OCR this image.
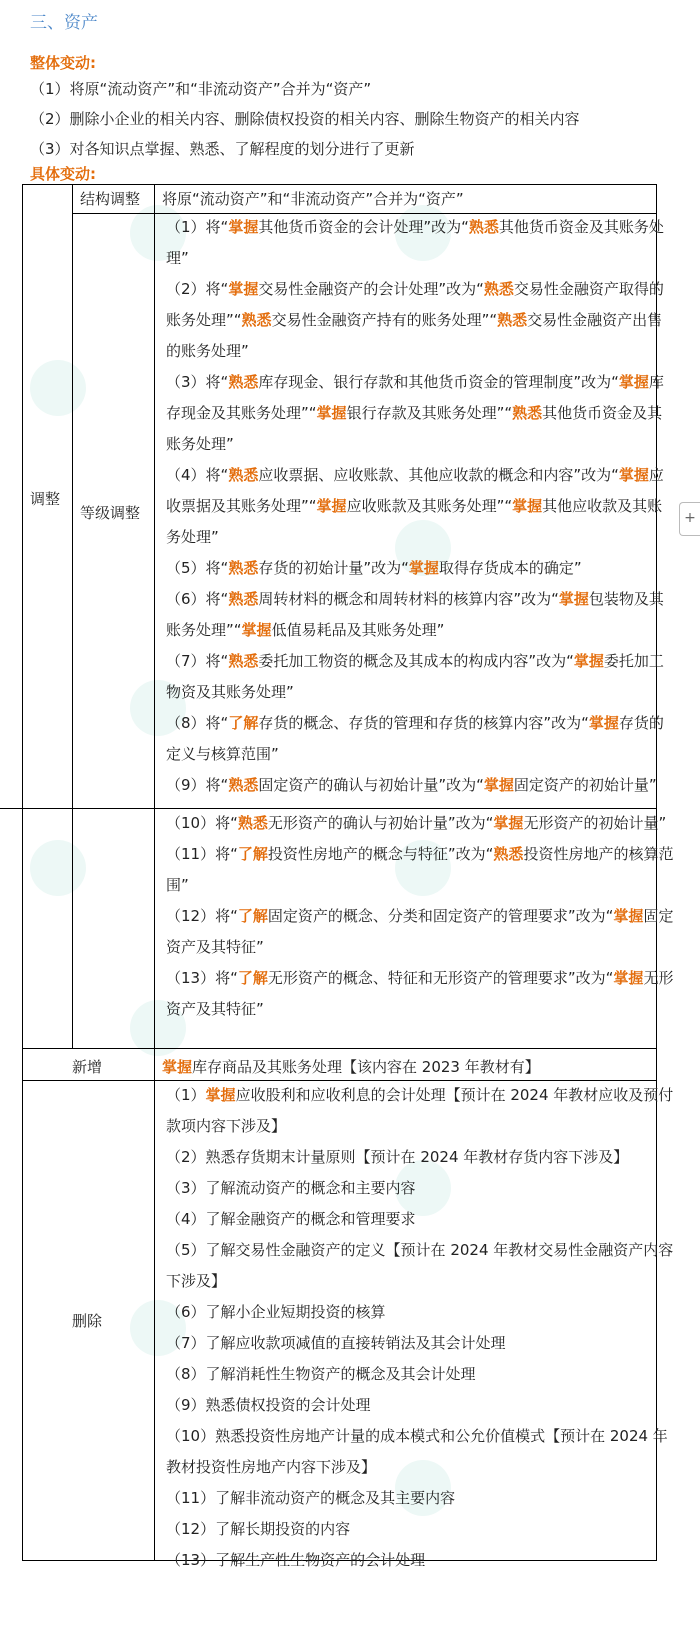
三、资产
整体变动:
（1）将原“流动资产”和“非流动资产”合并为“资产”
（2）删除小企业的相关内容、删除债权投资的相关内容、删除生物资产的相关内容
（3）对各知识点掌握、熟悉、了解程度的划分进行了更新
具体变动:
调整
结构调整 将原“流动资产”和“非流动资产”合并为“资产”
等级调整
（1）将“掌握其他货币资金的会计处理”改为“熟悉其他货币资金及其账务处理”
（2）将“掌握交易性金融资产的会计处理”改为“熟悉交易性金融资产取得的账务处理”“熟悉交易性金融资产持有的账务处理”“熟悉交易性金融资产出售的账务处理”
（3）将“熟悉库存现金、银行存款和其他货币资金的管理制度”改为“掌握库存现金及其账务处理”“掌握银行存款及其账务处理”“熟悉其他货币资金及其账务处理”
（4）将“熟悉应收票据、应收账款、其他应收款的概念和内容”改为“掌握应收票据及其账务处理”“掌握应收账款及其账务处理”“掌握其他应收款及其账务处理”
（5）将“熟悉存货的初始计量”改为“掌握取得存货成本的确定”
（6）将“熟悉周转材料的概念和周转材料的核算内容”改为“掌握包装物及其账务处理”“掌握低值易耗品及其账务处理”
（7）将“熟悉委托加工物资的概念及其成本的构成内容”改为“掌握委托加工物资及其账务处理”
（8）将“了解存货的概念、存货的管理和存货的核算内容”改为“掌握存货的定义与核算范围”
（9）将“熟悉固定资产的确认与初始计量”改为“掌握固定资产的初始计量”
（10）将“熟悉无形资产的确认与初始计量”改为“掌握无形资产的初始计量”
（11）将“了解投资性房地产的概念与特征”改为“熟悉投资性房地产的核算范围”
（12）将“了解固定资产的概念、分类和固定资产的管理要求”改为“掌握固定资产及其特征”
（13）将“了解无形资产的概念、特征和无形资产的管理要求”改为“掌握无形资产及其特征”
新增	掌握库存商品及其账务处理【该内容在 2023 年教材有】
删除
（1）掌握应收股利和应收利息的会计处理【预计在 2024 年教材应收及预付款项内容下涉及】
（2）熟悉存货期末计量原则【预计在 2024 年教材存货内容下涉及】
（3）了解流动资产的概念和主要内容
（4）了解金融资产的概念和管理要求
（5）了解交易性金融资产的定义【预计在 2024 年教材交易性金融资产内容下涉及】
（6）了解小企业短期投资的核算
（7）了解应收款项减值的直接转销法及其会计处理
（8）了解消耗性生物资产的概念及其会计处理
（9）熟悉债权投资的会计处理
（10）熟悉投资性房地产计量的成本模式和公允价值模式【预计在 2024 年教材投资性房地产内容下涉及】
（11）了解非流动资产的概念及其主要内容
（12）了解长期投资的内容
（13）了解生产性生物资产的会计处理
+
